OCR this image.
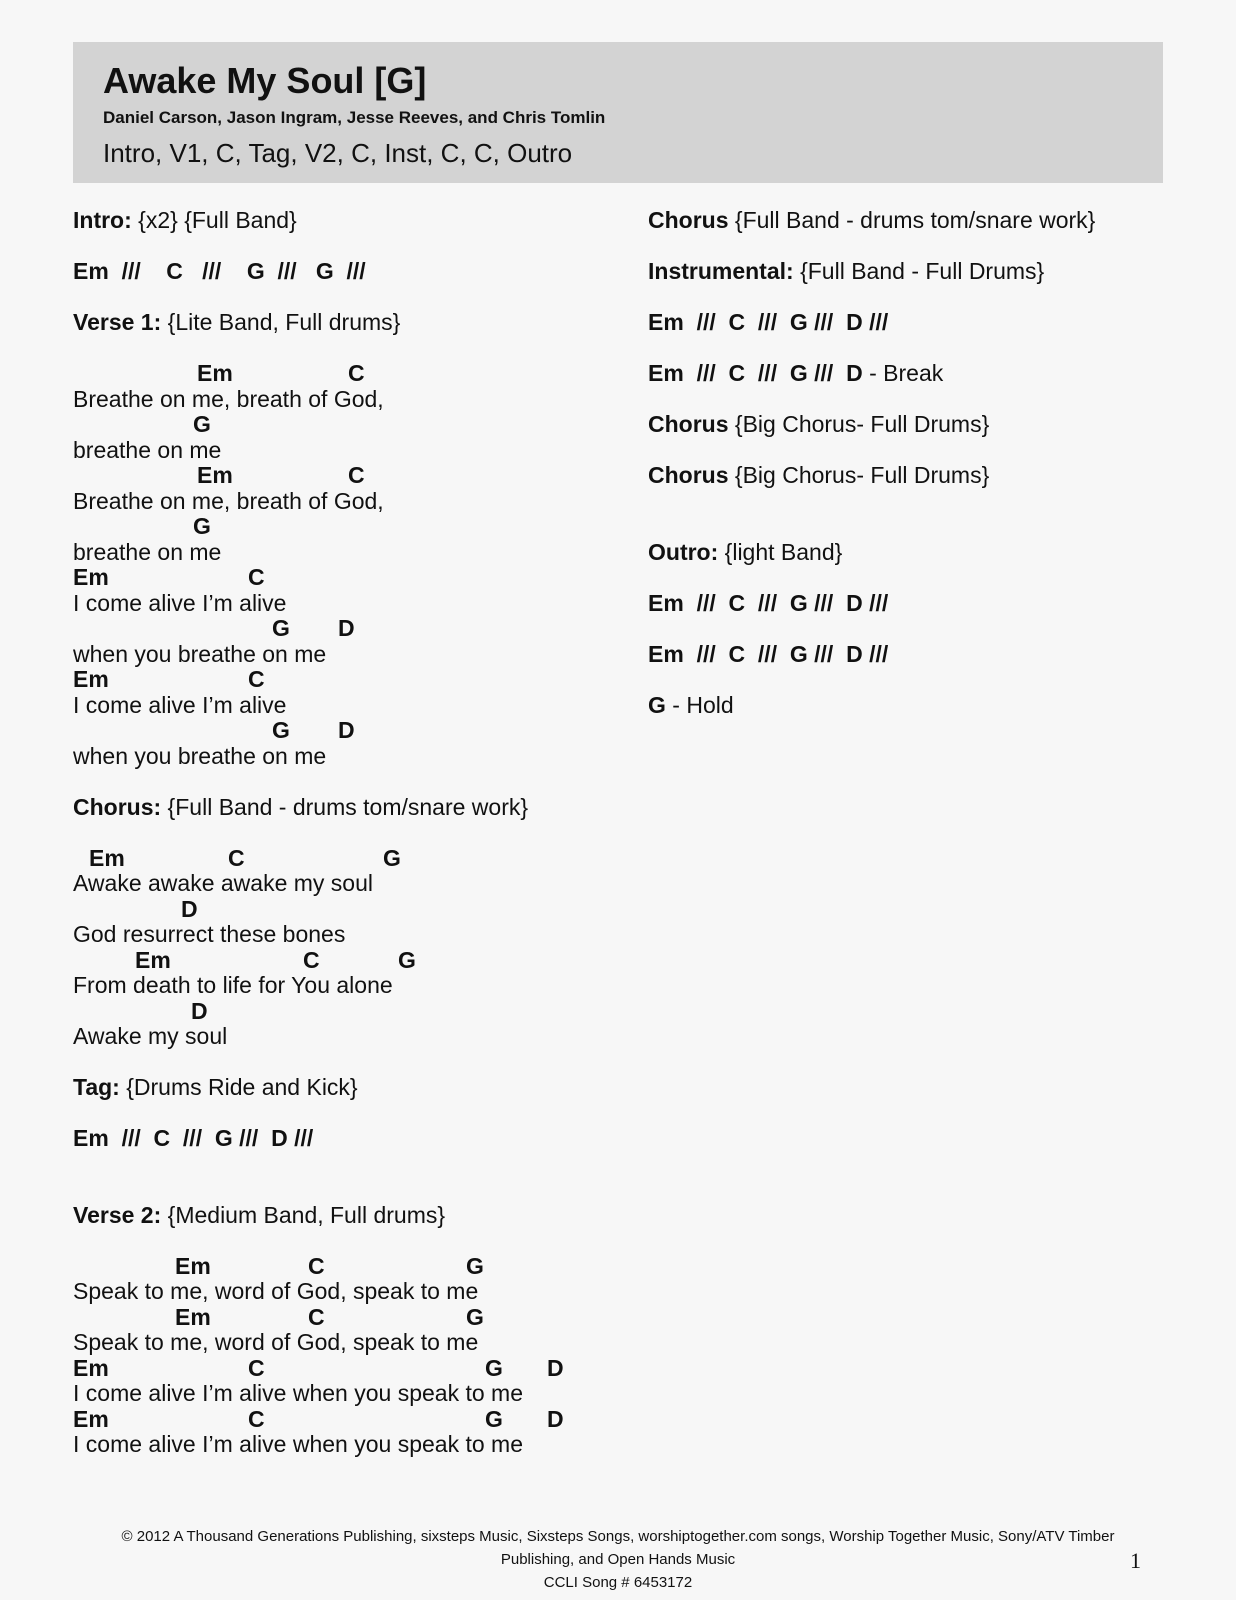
Awake My Soul [G]
Daniel Carson, Jason Ingram, Jesse Reeves, and Chris Tomlin
Intro, V1, C, Tag, V2, C, Inst, C, C, Outro
Intro: {x2} {Full Band}
Em  ///    C   ///    G  ///   G  ///
Verse 1: {Lite Band, Full drums}
Em	C
Breathe on me, breath of God,
G
breathe on me
Em	C
Breathe on me, breath of God,
G
breathe on me
Em	C
I come alive I’m alive
G D
when you breathe on me
Em	C
I come alive I’m alive
G D
when you breathe on me
Chorus: {Full Band - drums tom/snare work}
Em	C	G
Awake awake awake my soul
D
God resurrect these bones
Em	C	G
From death to life for You alone
D
Awake my soul
Tag: {Drums Ride and Kick}
Em  ///  C  ///  G ///  D ///
Verse 2: {Medium Band, Full drums}
Em	C	G
Speak to me, word of God, speak to me
Em	C	G
Speak to me, word of God, speak to me
Em	C	G D
I come alive I’m alive when you speak to me
Em	C	G D
I come alive I’m alive when you speak to me
Chorus {Full Band - drums tom/snare work}
Instrumental: {Full Band - Full Drums}
Em  ///  C  ///  G ///  D ///
Em  ///  C  ///  G ///  D - Break
Chorus {Big Chorus- Full Drums}
Chorus {Big Chorus- Full Drums}
Outro: {light Band}
Em  ///  C  ///  G ///  D ///
Em  ///  C  ///  G ///  D ///
G - Hold
© 2012 A Thousand Generations Publishing, sixsteps Music, Sixsteps Songs, worshiptogether.com songs, Worship Together Music, Sony/ATV Timber
Publishing, and Open Hands Music
CCLI Song # 6453172
1
